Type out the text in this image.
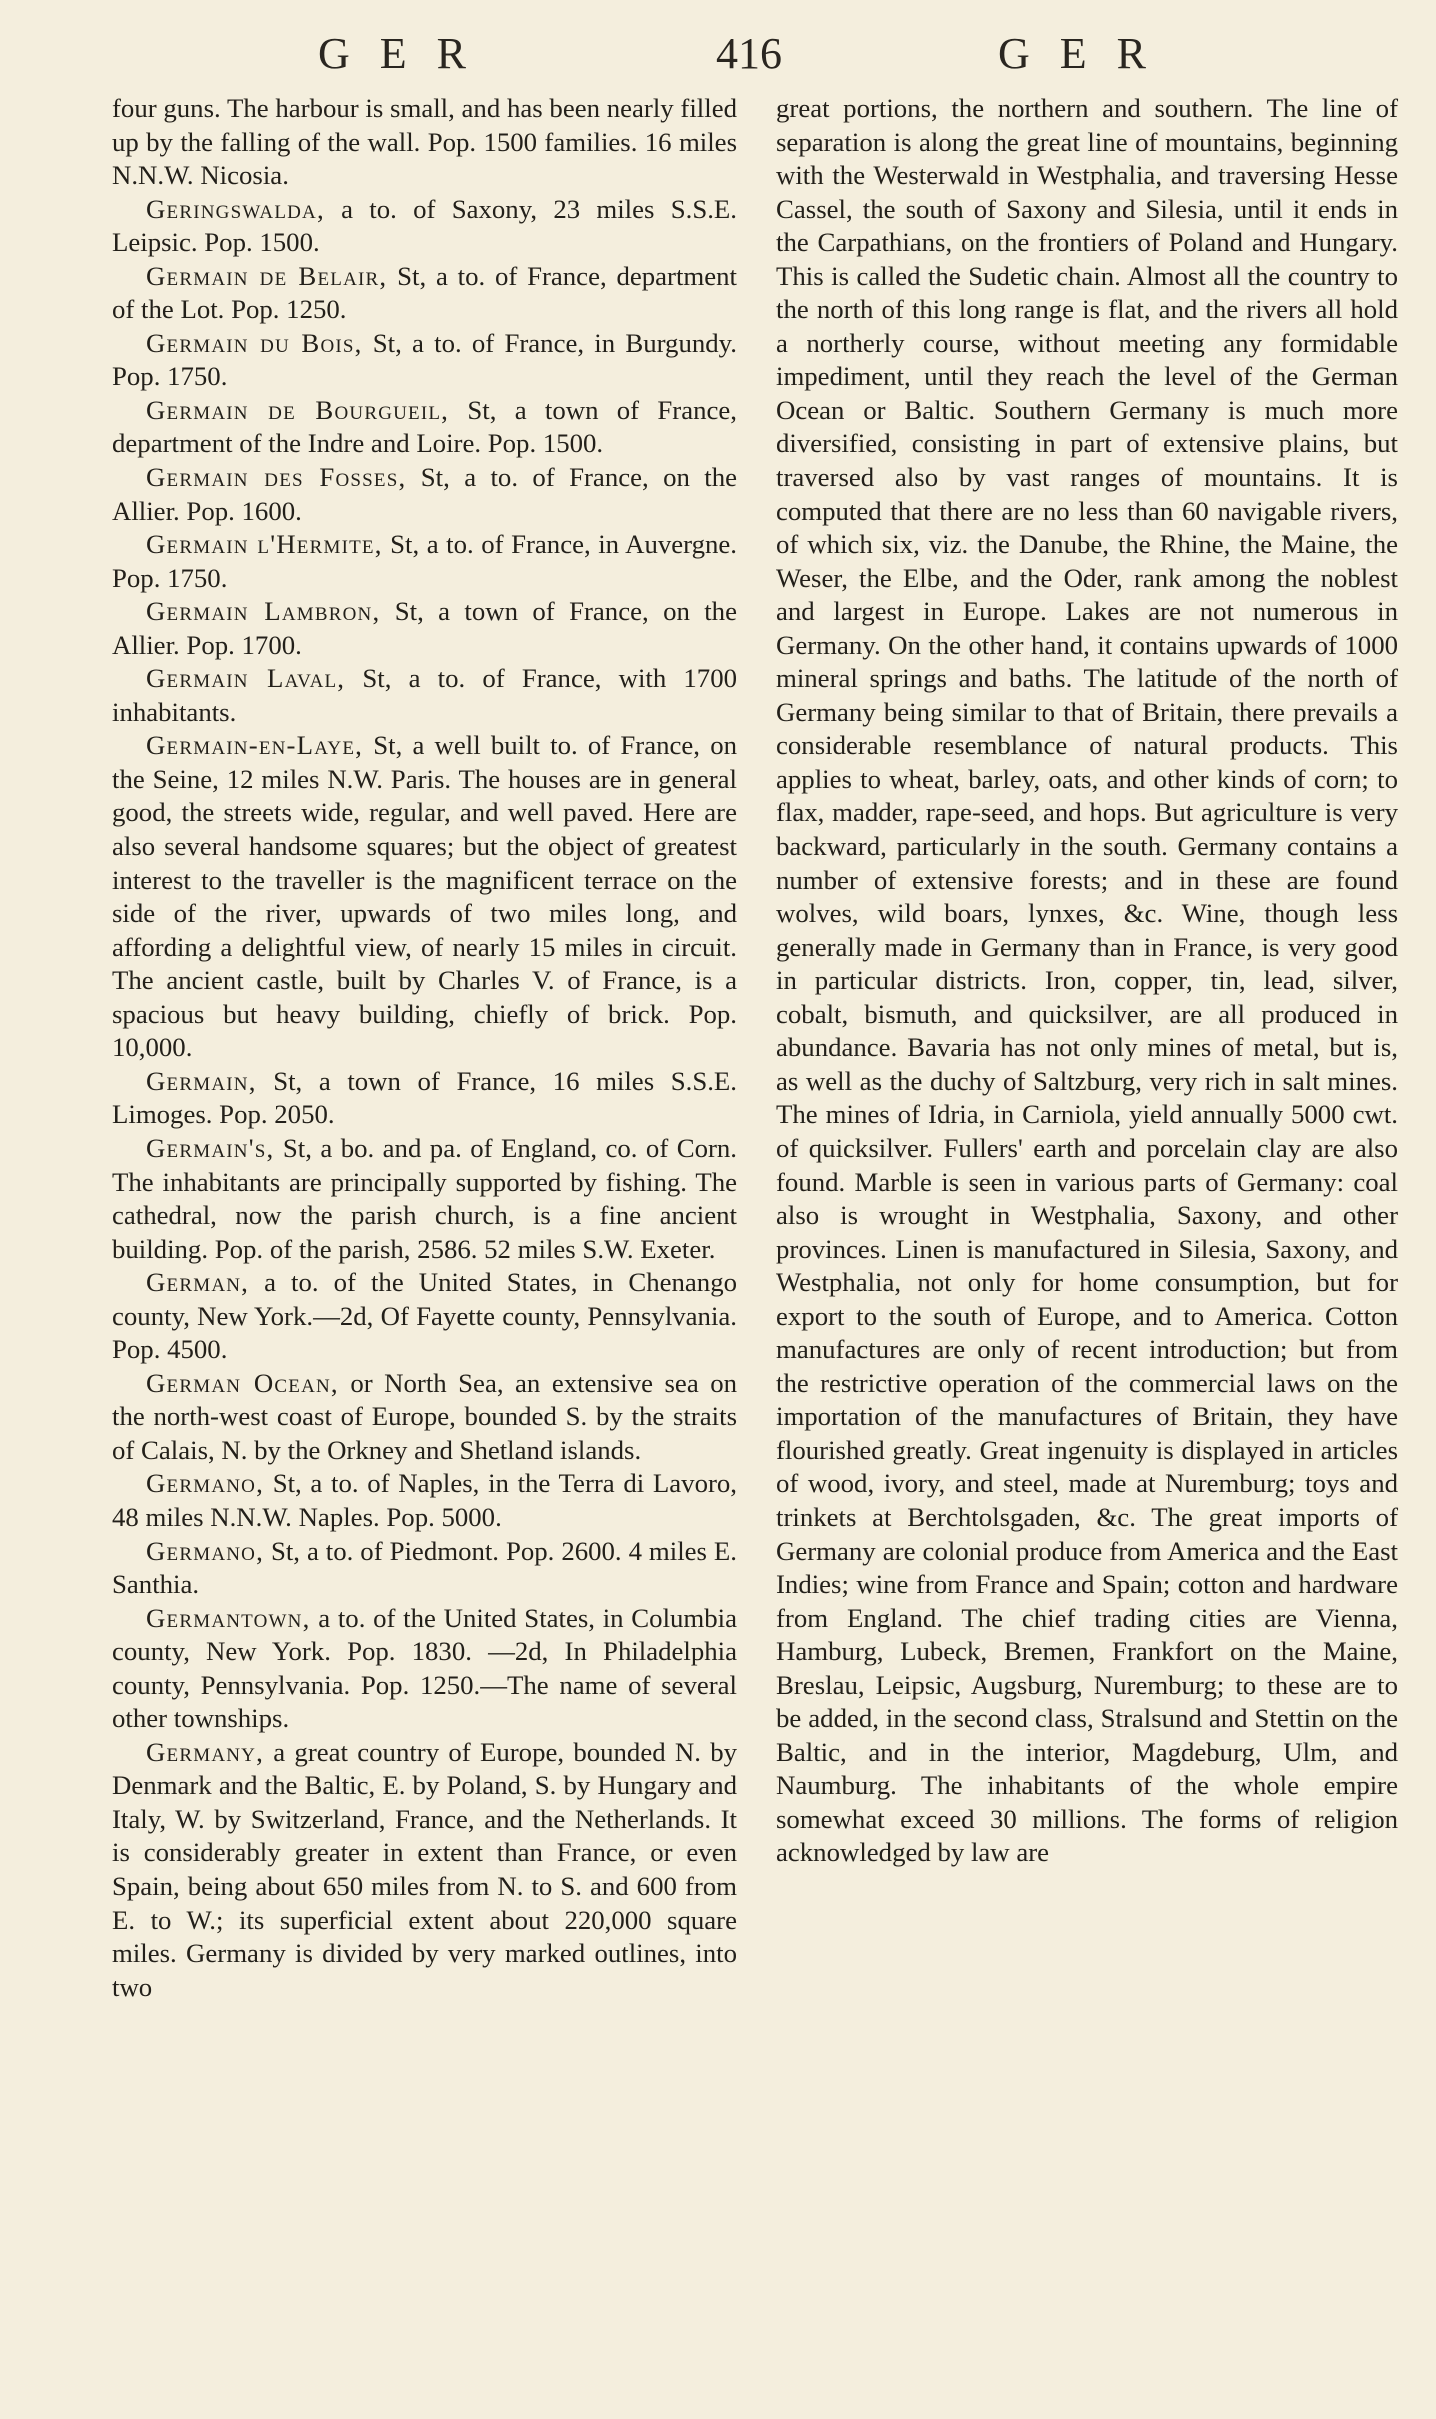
GER	416	GER

four guns. The harbour is small, and has been nearly filled up by the falling of the wall. Pop. 1500 families. 16 miles N.N.W. Nicosia.

Geringswalda, a to. of Saxony, 23 miles S.S.E. Leipsic. Pop. 1500.

Germain de Belair, St, a to. of France, department of the Lot. Pop. 1250.

Germain du Bois, St, a to. of France, in Burgundy. Pop. 1750.

Germain de Bourgueil, St, a town of France, department of the Indre and Loire. Pop. 1500.

Germain des Fosses, St, a to. of France, on the Allier. Pop. 1600.

Germain l'Hermite, St, a to. of France, in Auvergne. Pop. 1750.

Germain Lambron, St, a town of France, on the Allier. Pop. 1700.

Germain Laval, St, a to. of France, with 1700 inhabitants.

Germain-en-Laye, St, a well built to. of France, on the Seine, 12 miles N.W. Paris. The houses are in general good, the streets wide, regular, and well paved. Here are also several handsome squares; but the object of greatest interest to the traveller is the magnificent terrace on the side of the river, upwards of two miles long, and affording a delightful view, of nearly 15 miles in circuit. The ancient castle, built by Charles V. of France, is a spacious but heavy building, chiefly of brick. Pop. 10,000.

Germain, St, a town of France, 16 miles S.S.E. Limoges. Pop. 2050.

Germain's, St, a bo. and pa. of England, co. of Corn. The inhabitants are principally supported by fishing. The cathedral, now the parish church, is a fine ancient building. Pop. of the parish, 2586. 52 miles S.W. Exeter.

German, a to. of the United States, in Chenango county, New York.—2d, Of Fayette county, Pennsylvania. Pop. 4500.

German Ocean, or North Sea, an extensive sea on the north-west coast of Europe, bounded S. by the straits of Calais, N. by the Orkney and Shetland islands.

Germano, St, a to. of Naples, in the Terra di Lavoro, 48 miles N.N.W. Naples. Pop. 5000.

Germano, St, a to. of Piedmont. Pop. 2600. 4 miles E. Santhia.

Germantown, a to. of the United States, in Columbia county, New York. Pop. 1830. —2d, In Philadelphia county, Pennsylvania. Pop. 1250.—The name of several other townships.

Germany, a great country of Europe, bounded N. by Denmark and the Baltic, E. by Poland, S. by Hungary and Italy, W. by Switzerland, France, and the Netherlands. It is considerably greater in extent than France, or even Spain, being about 650 miles from N. to S. and 600 from E. to W.; its superficial extent about 220,000 square miles. Germany is divided by very marked outlines, into two

great portions, the northern and southern. The line of separation is along the great line of mountains, beginning with the Westerwald in Westphalia, and traversing Hesse Cassel, the south of Saxony and Silesia, until it ends in the Carpathians, on the frontiers of Poland and Hungary. This is called the Sudetic chain. Almost all the country to the north of this long range is flat, and the rivers all hold a northerly course, without meeting any formidable impediment, until they reach the level of the German Ocean or Baltic. Southern Germany is much more diversified, consisting in part of extensive plains, but traversed also by vast ranges of mountains. It is computed that there are no less than 60 navigable rivers, of which six, viz. the Danube, the Rhine, the Maine, the Weser, the Elbe, and the Oder, rank among the noblest and largest in Europe. Lakes are not numerous in Germany. On the other hand, it contains upwards of 1000 mineral springs and baths. The latitude of the north of Germany being similar to that of Britain, there prevails a considerable resemblance of natural products. This applies to wheat, barley, oats, and other kinds of corn; to flax, madder, rape-seed, and hops. But agriculture is very backward, particularly in the south. Germany contains a number of extensive forests; and in these are found wolves, wild boars, lynxes, &c. Wine, though less generally made in Germany than in France, is very good in particular districts. Iron, copper, tin, lead, silver, cobalt, bismuth, and quicksilver, are all produced in abundance. Bavaria has not only mines of metal, but is, as well as the duchy of Saltzburg, very rich in salt mines. The mines of Idria, in Carniola, yield annually 5000 cwt. of quicksilver. Fullers' earth and porcelain clay are also found. Marble is seen in various parts of Germany: coal also is wrought in Westphalia, Saxony, and other provinces. Linen is manufactured in Silesia, Saxony, and Westphalia, not only for home consumption, but for export to the south of Europe, and to America. Cotton manufactures are only of recent introduction; but from the restrictive operation of the commercial laws on the importation of the manufactures of Britain, they have flourished greatly. Great ingenuity is displayed in articles of wood, ivory, and steel, made at Nuremburg; toys and trinkets at Berchtolsgaden, &c. The great imports of Germany are colonial produce from America and the East Indies; wine from France and Spain; cotton and hardware from England. The chief trading cities are Vienna, Hamburg, Lubeck, Bremen, Frankfort on the Maine, Breslau, Leipsic, Augsburg, Nuremburg; to these are to be added, in the second class, Stralsund and Stettin on the Baltic, and in the interior, Magdeburg, Ulm, and Naumburg. The inhabitants of the whole empire somewhat exceed 30 millions. The forms of religion acknowledged by law are
